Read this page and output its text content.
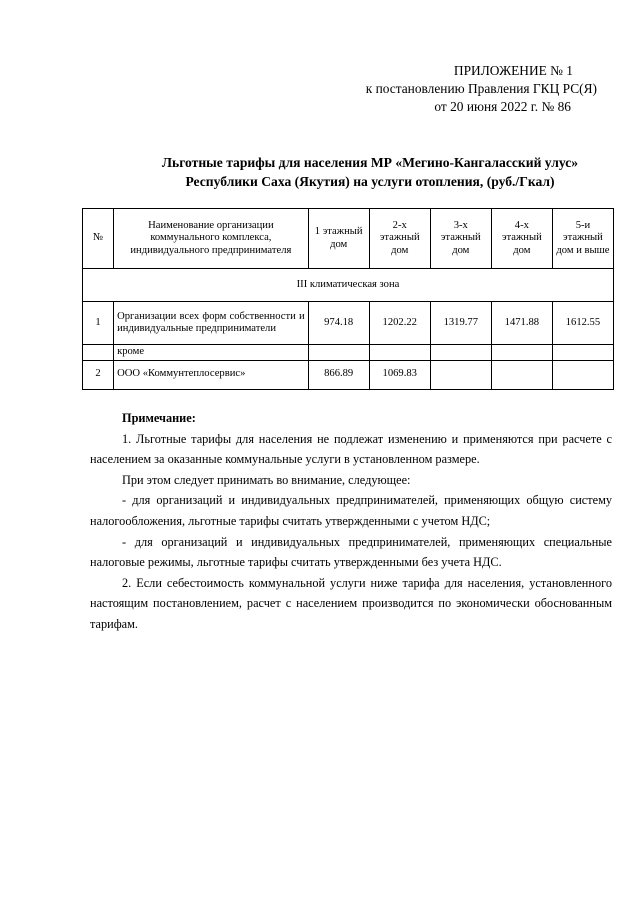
ПРИЛОЖЕНИЕ № 1
к постановлению Правления ГКЦ РС(Я)
от 20 июня 2022 г. № 86
Льготные тарифы для населения МР «Мегино-Кангаласский улус»
Республики Саха (Якутия) на услуги отопления, (руб./Гкал)
№	Наименование организации коммунального комплекса, индивидуального предпринимателя	1 этажный дом	2-х этажный дом	3-х этажный дом	4-х этажный дом	5-и этажный дом и выше
III климатическая зона						
1	Организации всех форм собственности и индивидуальные предприниматели	974.18	1202.22	1319.77	1471.88	1612.55
	кроме					
2	ООО «Коммунтеплосервис»	866.89	1069.83			

Примечание:

1. Льготные тарифы для населения не подлежат изменению и применяются при расчете с населением за оказанные коммунальные услуги в установленном размере.

При этом следует принимать во внимание, следующее:

- для организаций и индивидуальных предпринимателей, применяющих общую систему налогообложения, льготные тарифы считать утвержденными с учетом НДС;

- для организаций и индивидуальных предпринимателей, применяющих специальные налоговые режимы, льготные тарифы считать утвержденными без учета НДС.

2. Если себестоимость коммунальной услуги ниже тарифа для населения, установленного настоящим постановлением, расчет с населением производится по экономически обоснованным тарифам.
